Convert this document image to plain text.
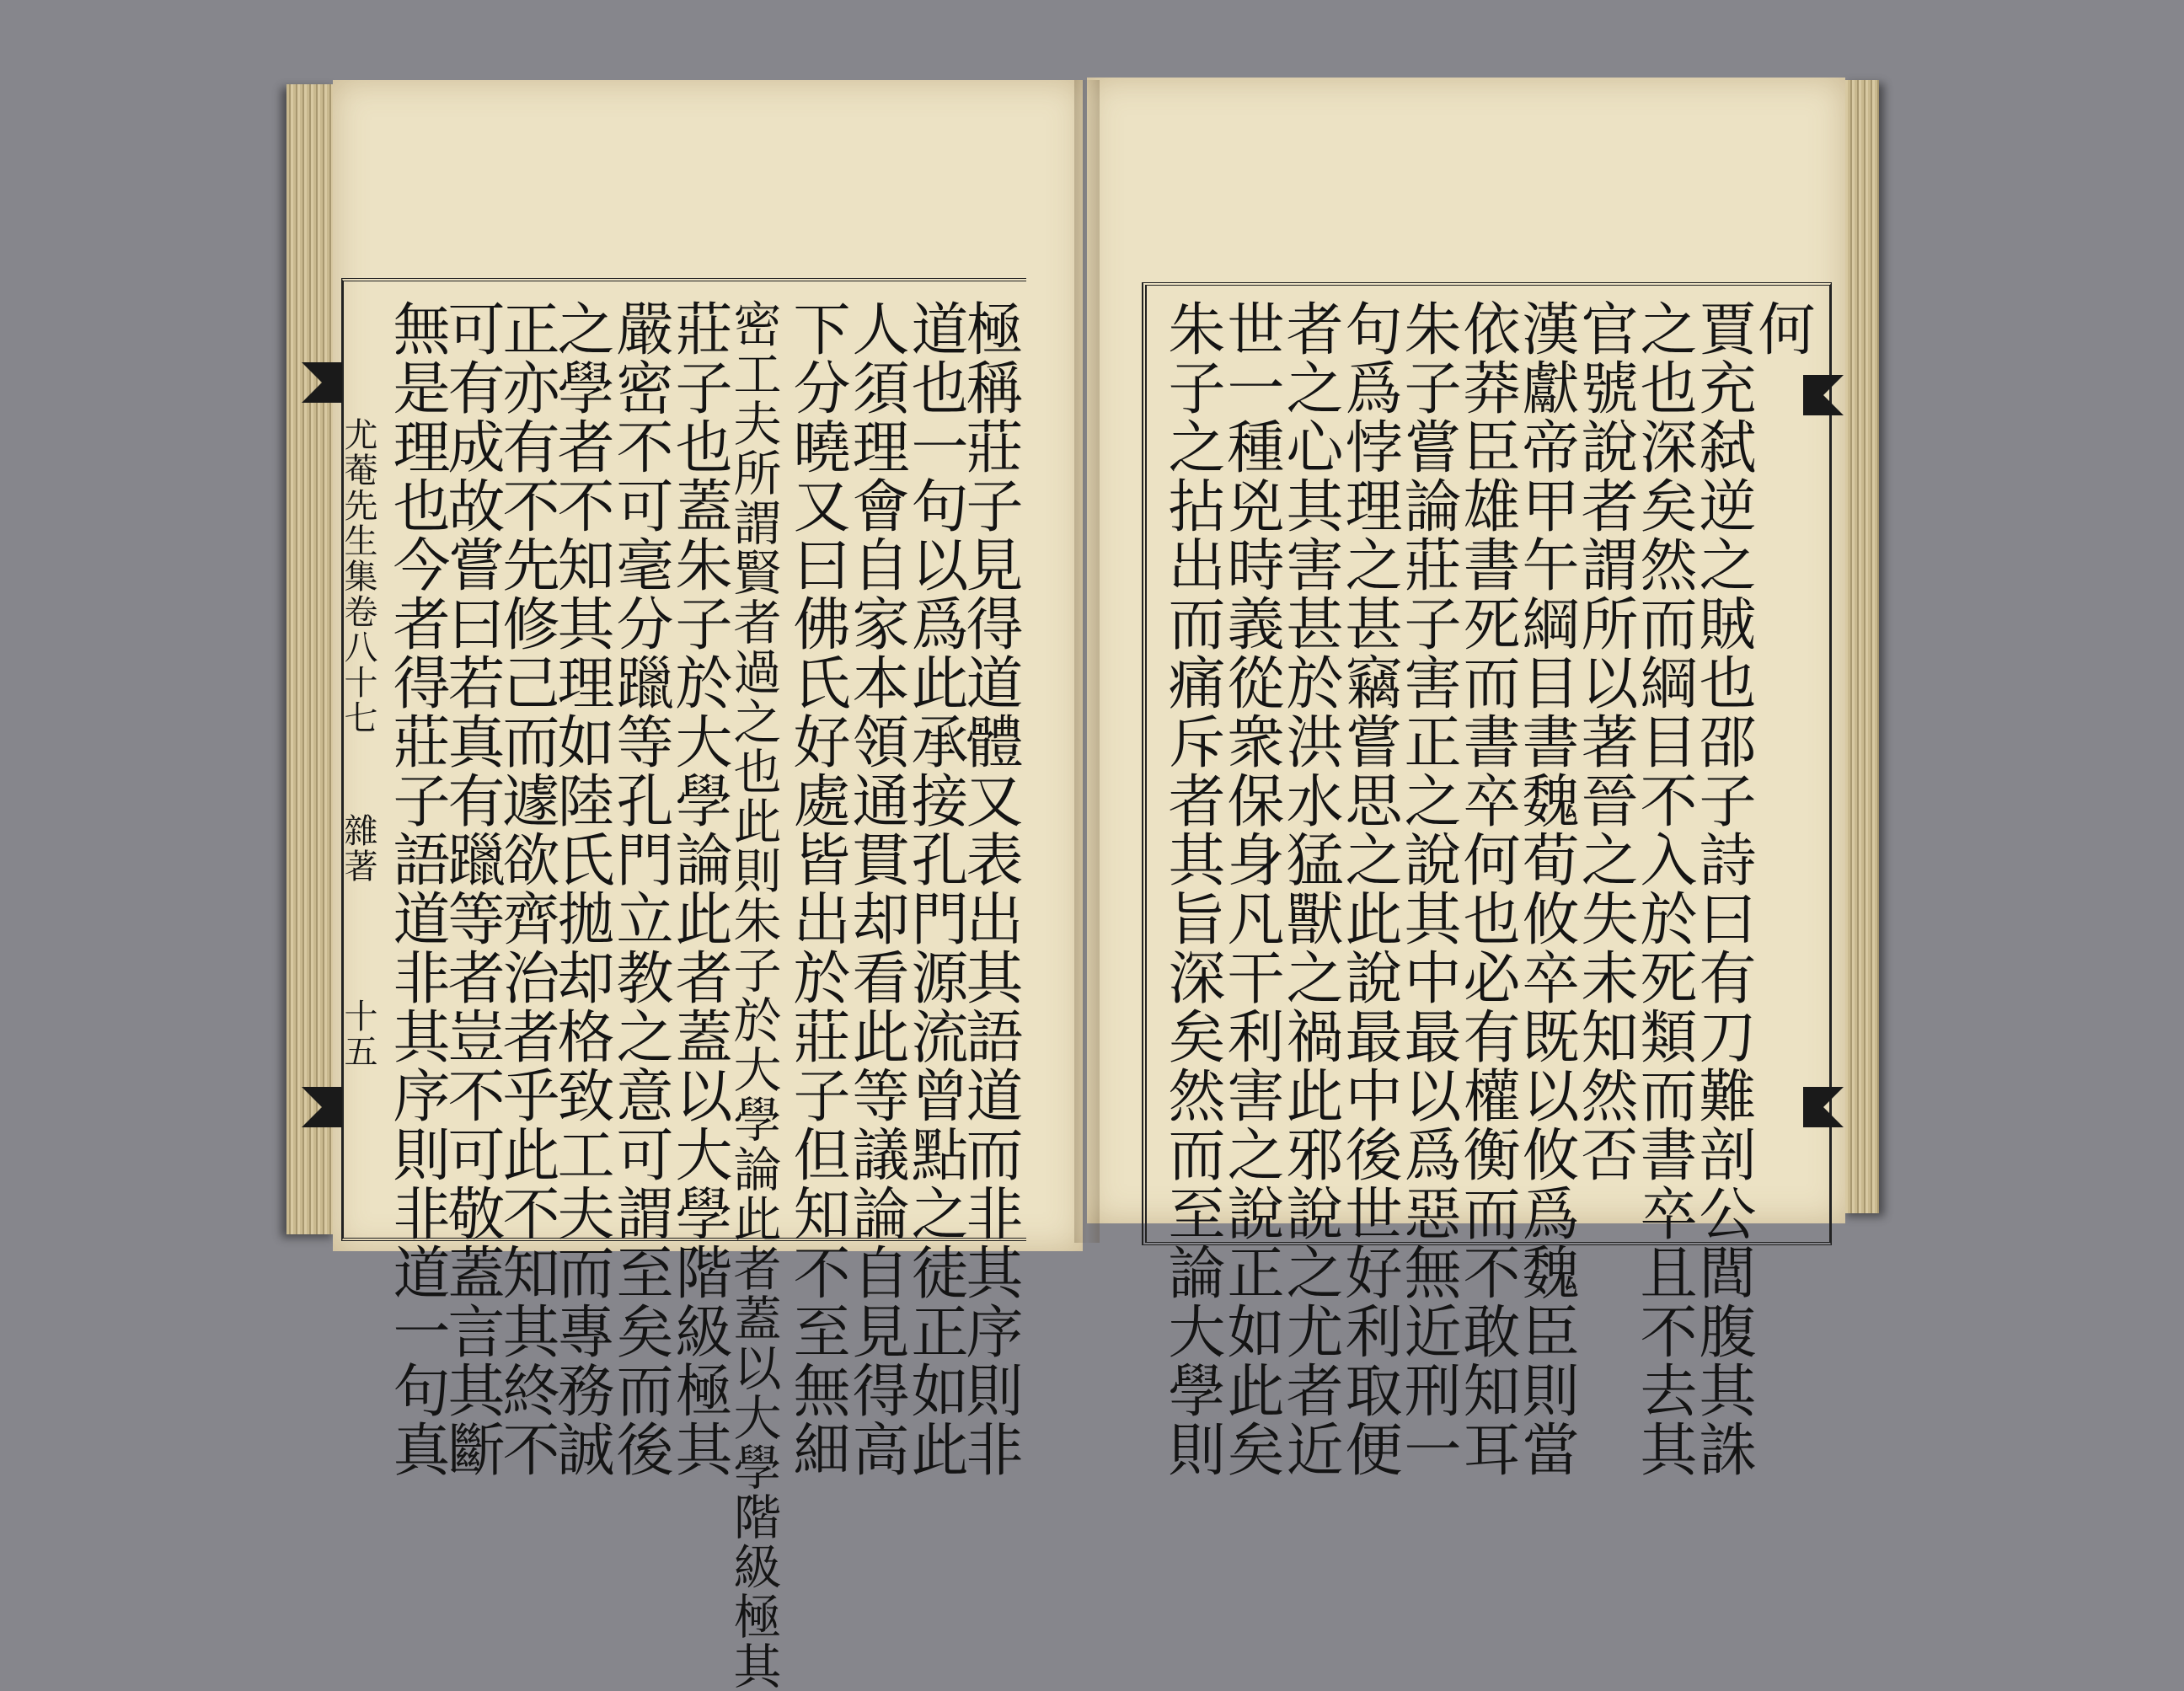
尤菴先生集卷八十七
雜著
十五	極稱莊子見得道體又表出其語道而非其序則非
道也一句以爲此承接孔門源流曾點之徒正如此
人須理會自家本領通貫却看此等議論自見得高
下分曉又曰佛氏好處皆出於莊子但知不至無細
密工夫所謂賢者過之也此則朱子於大學論此者蓋以大學階級極其
莊子也蓋朱子於大學論此者蓋以大學階級極其
嚴密不可毫分躐等孔門立教之意可謂至矣而後
之學者不知其理如陸氏拋却格致工夫而專務誠
正亦有不先修己而遽欲齊治者乎此不知其終不
可有成故嘗曰若真有躐等者豈不可敬蓋言其斷
無是理也今者得莊子語道非其序則非道一句真	何
賈充弑逆之賊也邵子詩曰有刀難剖公閭腹其誅
之也深矣然而綱目不入於死類而書卒且不去其
官號說者謂所以著晉之失未知然否
漢獻帝甲午綱目書魏荀攸卒既以攸爲魏臣則當
依莽臣雄書死而書卒何也必有權衡而不敢知耳
朱子嘗論莊子害正之說其中最以爲惡無近刑一
句爲悖理之甚竊嘗思之此說最中後世好利取便
者之心其害甚於洪水猛獸之禍此邪說之尤者近
世一種兇時義從衆保身凡干利害之說正如此矣
朱子之拈出而痛斥者其旨深矣然而至論大學則
